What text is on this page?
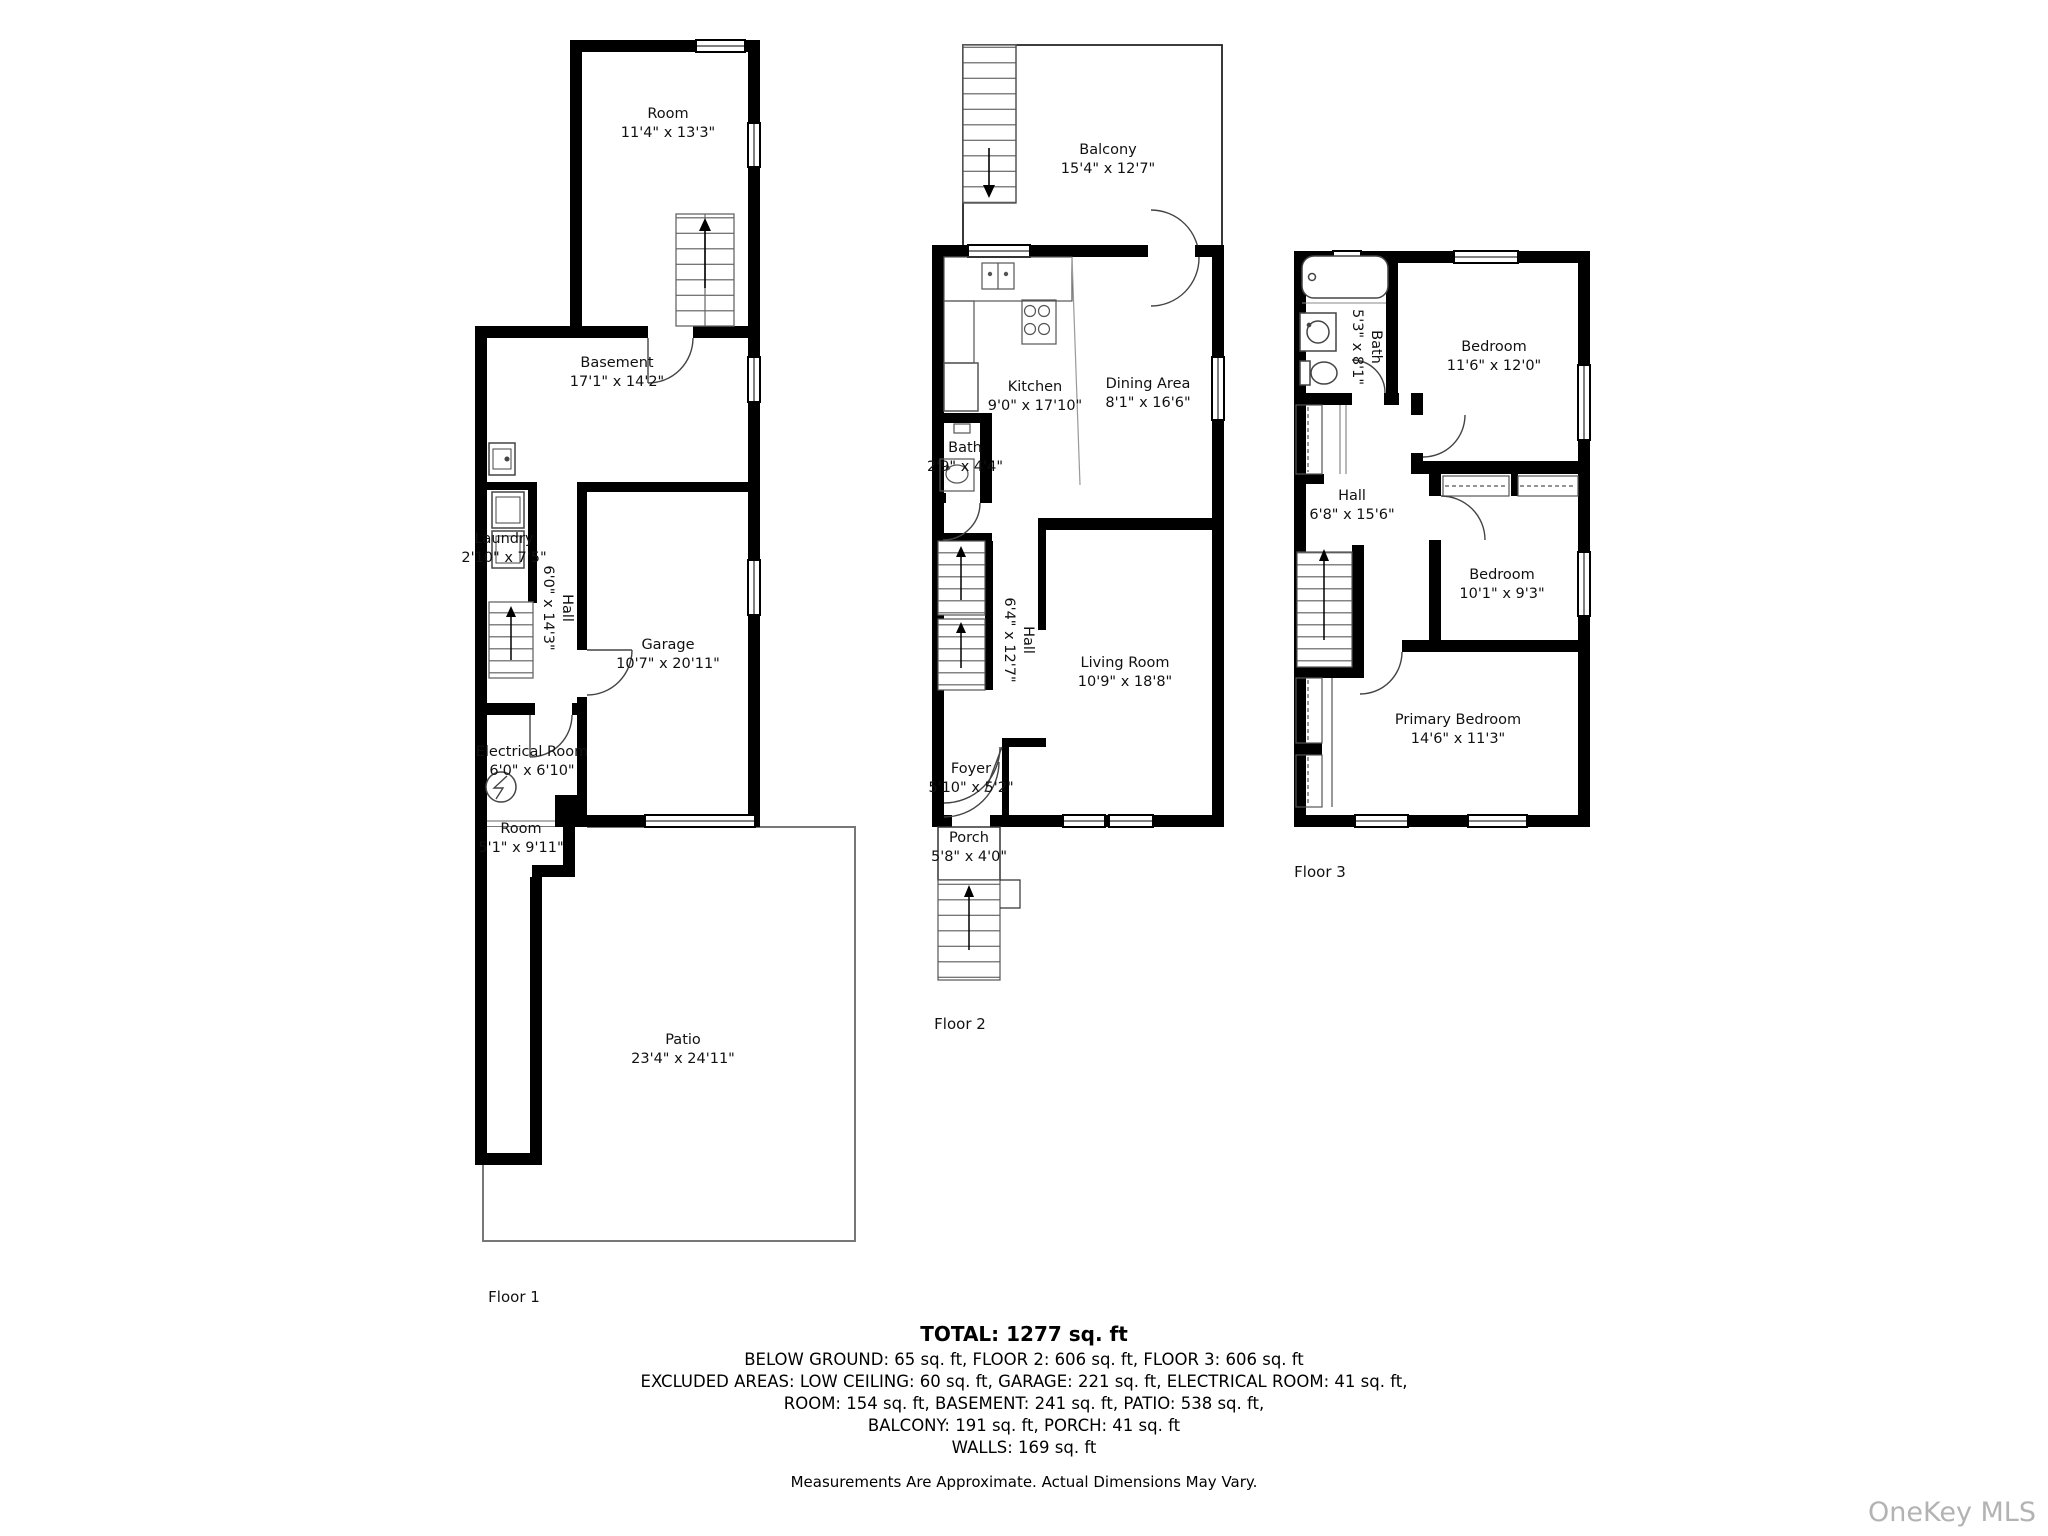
Room
11'4" x 13'3"
Basement
17'1" x 14'2"
Laundry
2'10" x 7'5"
Hall
6'0" x 14'3"	Garage
10'7" x 20'11"
Electrical Room
6'0" x 6'10"
Room
5'1" x 9'11"
Patio
23'4" x 24'11"
Balcony
15'4" x 12'7"
Kitchen
9'0" x 17'10"
Dining Area
8'1" x 16'6"
Bath
2'9" x 4'4"
Hall
6'4" x 12'7"	Living Room
10'9" x 18'8"
Foyer
5'10" x 5'2"
Porch
5'8" x 4'0"
Bath
5'3" x 8'1"	Bedroom
11'6" x 12'0"
Hall
6'8" x 15'6"
Bedroom
10'1" x 9'3"
Primary Bedroom
14'6" x 11'3"
Floor 1
Floor 2
Floor 3
TOTAL: 1277 sq. ft
BELOW GROUND: 65 sq. ft, FLOOR 2: 606 sq. ft, FLOOR 3: 606 sq. ft
EXCLUDED AREAS: LOW CEILING: 60 sq. ft, GARAGE: 221 sq. ft, ELECTRICAL ROOM: 41 sq. ft,
ROOM: 154 sq. ft, BASEMENT: 241 sq. ft, PATIO: 538 sq. ft,
BALCONY: 191 sq. ft, PORCH: 41 sq. ft
WALLS: 169 sq. ft
Measurements Are Approximate. Actual Dimensions May Vary.
OneKey MLS
